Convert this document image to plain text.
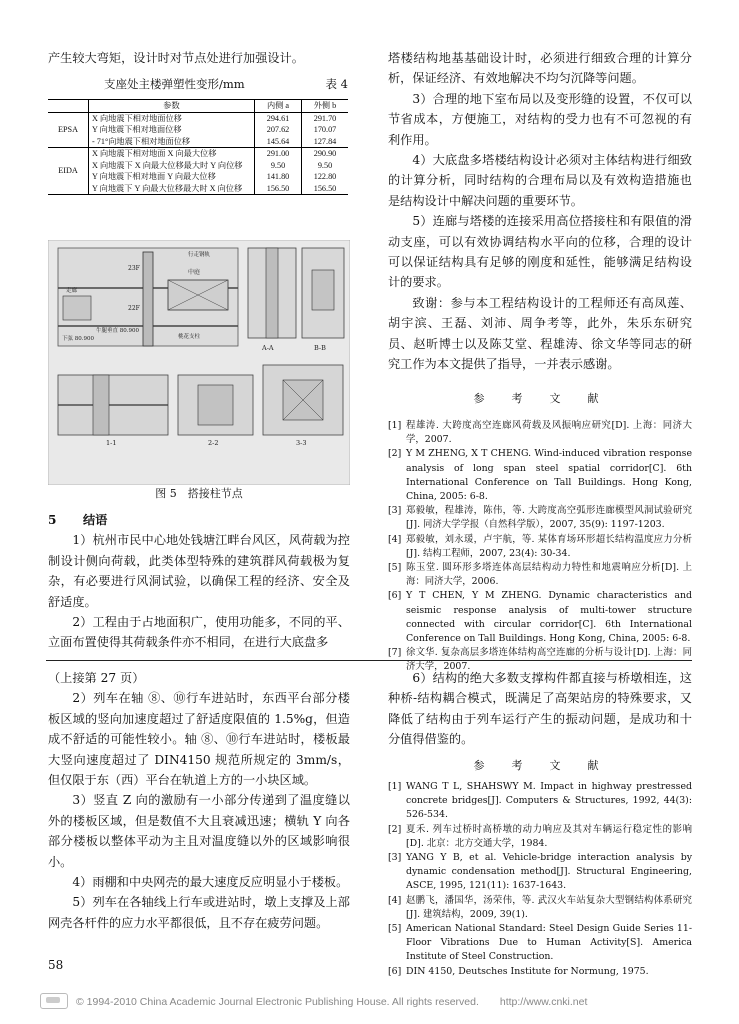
产生较大弯矩，设计时对节点处进行加强设计。

支座处主楼弹塑性变形/mm	表 4
	参数	内侧 a	外侧 b
EPSA	X 向地震下相对地面位移	294.61	291.70
	Y 向地震下相对地面位移	207.62	170.07
	- 71°向地震下相对地面位移	145.64	127.84
EIDA	X 向地震下相对地面 X 向最大位移	291.00	290.90
	X 向地震下 X 向最大位移最大时 Y 向位移	9.50	9.50
	Y 向地震下相对地面 Y 向最大位移	141.80	122.80
	Y 向地震下 Y 向最大位移最大时 X 向位移	156.50	156.50
23F
22F
中庭
走廊
牛腿垂直 80.900
下弦 80.900	桃花支柱
行走钢轨
A-A	B-B
1-1	2-2	3-3

图 5　搭接柱节点

5 结语

1）杭州市民中心地处钱塘江畔台风区，风荷载为控制设计侧向荷载，此类体型特殊的建筑群风荷载极为复杂，有必要进行风洞试验，以确保工程的经济、安全及舒适度。

2）工程由于占地面积广，使用功能多，不同的平、立面布置使得其荷载条件亦不相同，在进行大底盘多

塔楼结构地基基础设计时，必须进行细致合理的计算分析，保证经济、有效地解决不均匀沉降等问题。

3）合理的地下室布局以及变形缝的设置，不仅可以节省成本，方便施工，对结构的受力也有不可忽视的有利作用。

4）大底盘多塔楼结构设计必须对主体结构进行细致的计算分析，同时结构的合理布局以及有效构造措施也是结构设计中解决问题的重要环节。

5）连廊与塔楼的连接采用高位搭接柱和有限值的滑动支座，可以有效协调结构水平向的位移，合理的设计可以保证结构具有足够的刚度和延性，能够满足结构设计的要求。

致谢：参与本工程结构设计的工程师还有高凤莲、胡宇滨、王磊、刘沛、周争考等，此外，朱乐东研究员、赵昕博士以及陈艾堂、程雄涛、徐文华等同志的研究工作为本文提供了指导，一并表示感谢。

参　考　文　献

[1] 程雄涛. 大跨度高空连廊风荷载及风振响应研究[D]. 上海：同济大学，2007.
[2] Y M ZHENG, X T CHENG. Wind-induced vibration response analysis of long span steel spatial corridor[C]. 6th International Conference on Tall Buildings. Hong Kong, China, 2005: 6-8.
[3] 郑毅敏，程雄涛，陈伟，等. 大跨度高空弧形连廊模型风洞试验研究[J]. 同济大学学报（自然科学版），2007, 35(9): 1197-1203.
[4] 郑毅敏，刘永瑗，卢宇航，等. 某体育场环形超长结构温度应力分析[J]. 结构工程师，2007, 23(4): 30-34.
[5] 陈玉堂. 圆环形多塔连体高层结构动力特性和地震响应分析[D]. 上海：同济大学，2006.
[6] Y T CHEN, Y M ZHENG. Dynamic characteristics and seismic response analysis of multi-tower structure connected with circular corridor[C]. 6th International Conference on Tall Buildings. Hong Kong, China, 2005: 6-8.
[7] 徐文华. 复杂高层多塔连体结构高空连廊的分析与设计[D]. 上海：同济大学，2007.

（上接第 27 页）

2）列车在轴 ⑧、⑩行车进站时，东西平台部分楼板区域的竖向加速度超过了舒适度限值的 1.5%g，但造成不舒适的可能性较小。轴 ⑧、⑩行车进站时，楼板最大竖向速度超过了 DIN4150 规范所规定的 3mm/s，但仅限于东（西）平台在轨道上方的一小块区域。

3）竖直 Z 向的激励有一小部分传递到了温度缝以外的楼板区域，但是数值不大且衰减迅速；横轨 Y 向各部分楼板以整体平动为主且对温度缝以外的区域影响很小。

4）雨棚和中央网壳的最大速度反应明显小于楼板。

5）列车在各轴线上行车或进站时，墩上支撑及上部网壳各杆件的应力水平都很低，且不存在疲劳问题。

58

6）结构的绝大多数支撑构件都直接与桥墩相连，这种桥-结构耦合模式，既满足了高架站房的特殊要求，又降低了结构由于列车运行产生的振动问题，是成功和十分值得借鉴的。

参　考　文　献

[1] WANG T L, SHAHSWY M. Impact in highway prestressed concrete bridges[J]. Computers & Structures, 1992, 44(3): 526-534.
[2] 夏禾. 列车过桥时高桥墩的动力响应及其对车辆运行稳定性的影响[D]. 北京：北方交通大学，1984.
[3] YANG Y B, et al. Vehicle-bridge interaction analysis by dynamic condensation method[J]. Structural Engineering, ASCE, 1995, 121(11): 1637-1643.
[4] 赵鹏飞，潘国华，汤荣伟，等. 武汉火车站复杂大型钢结构体系研究[J]. 建筑结构，2009, 39(1).
[5] American National Standard: Steel Design Guide Series 11-Floor Vibrations Due to Human Activity[S]. America Institute of Steel Construction.
[6] DIN 4150, Deutsches Institute for Normung, 1975.
© 1994-2010 China Academic Journal Electronic Publishing House. All rights reserved.　　http://www.cnki.net
